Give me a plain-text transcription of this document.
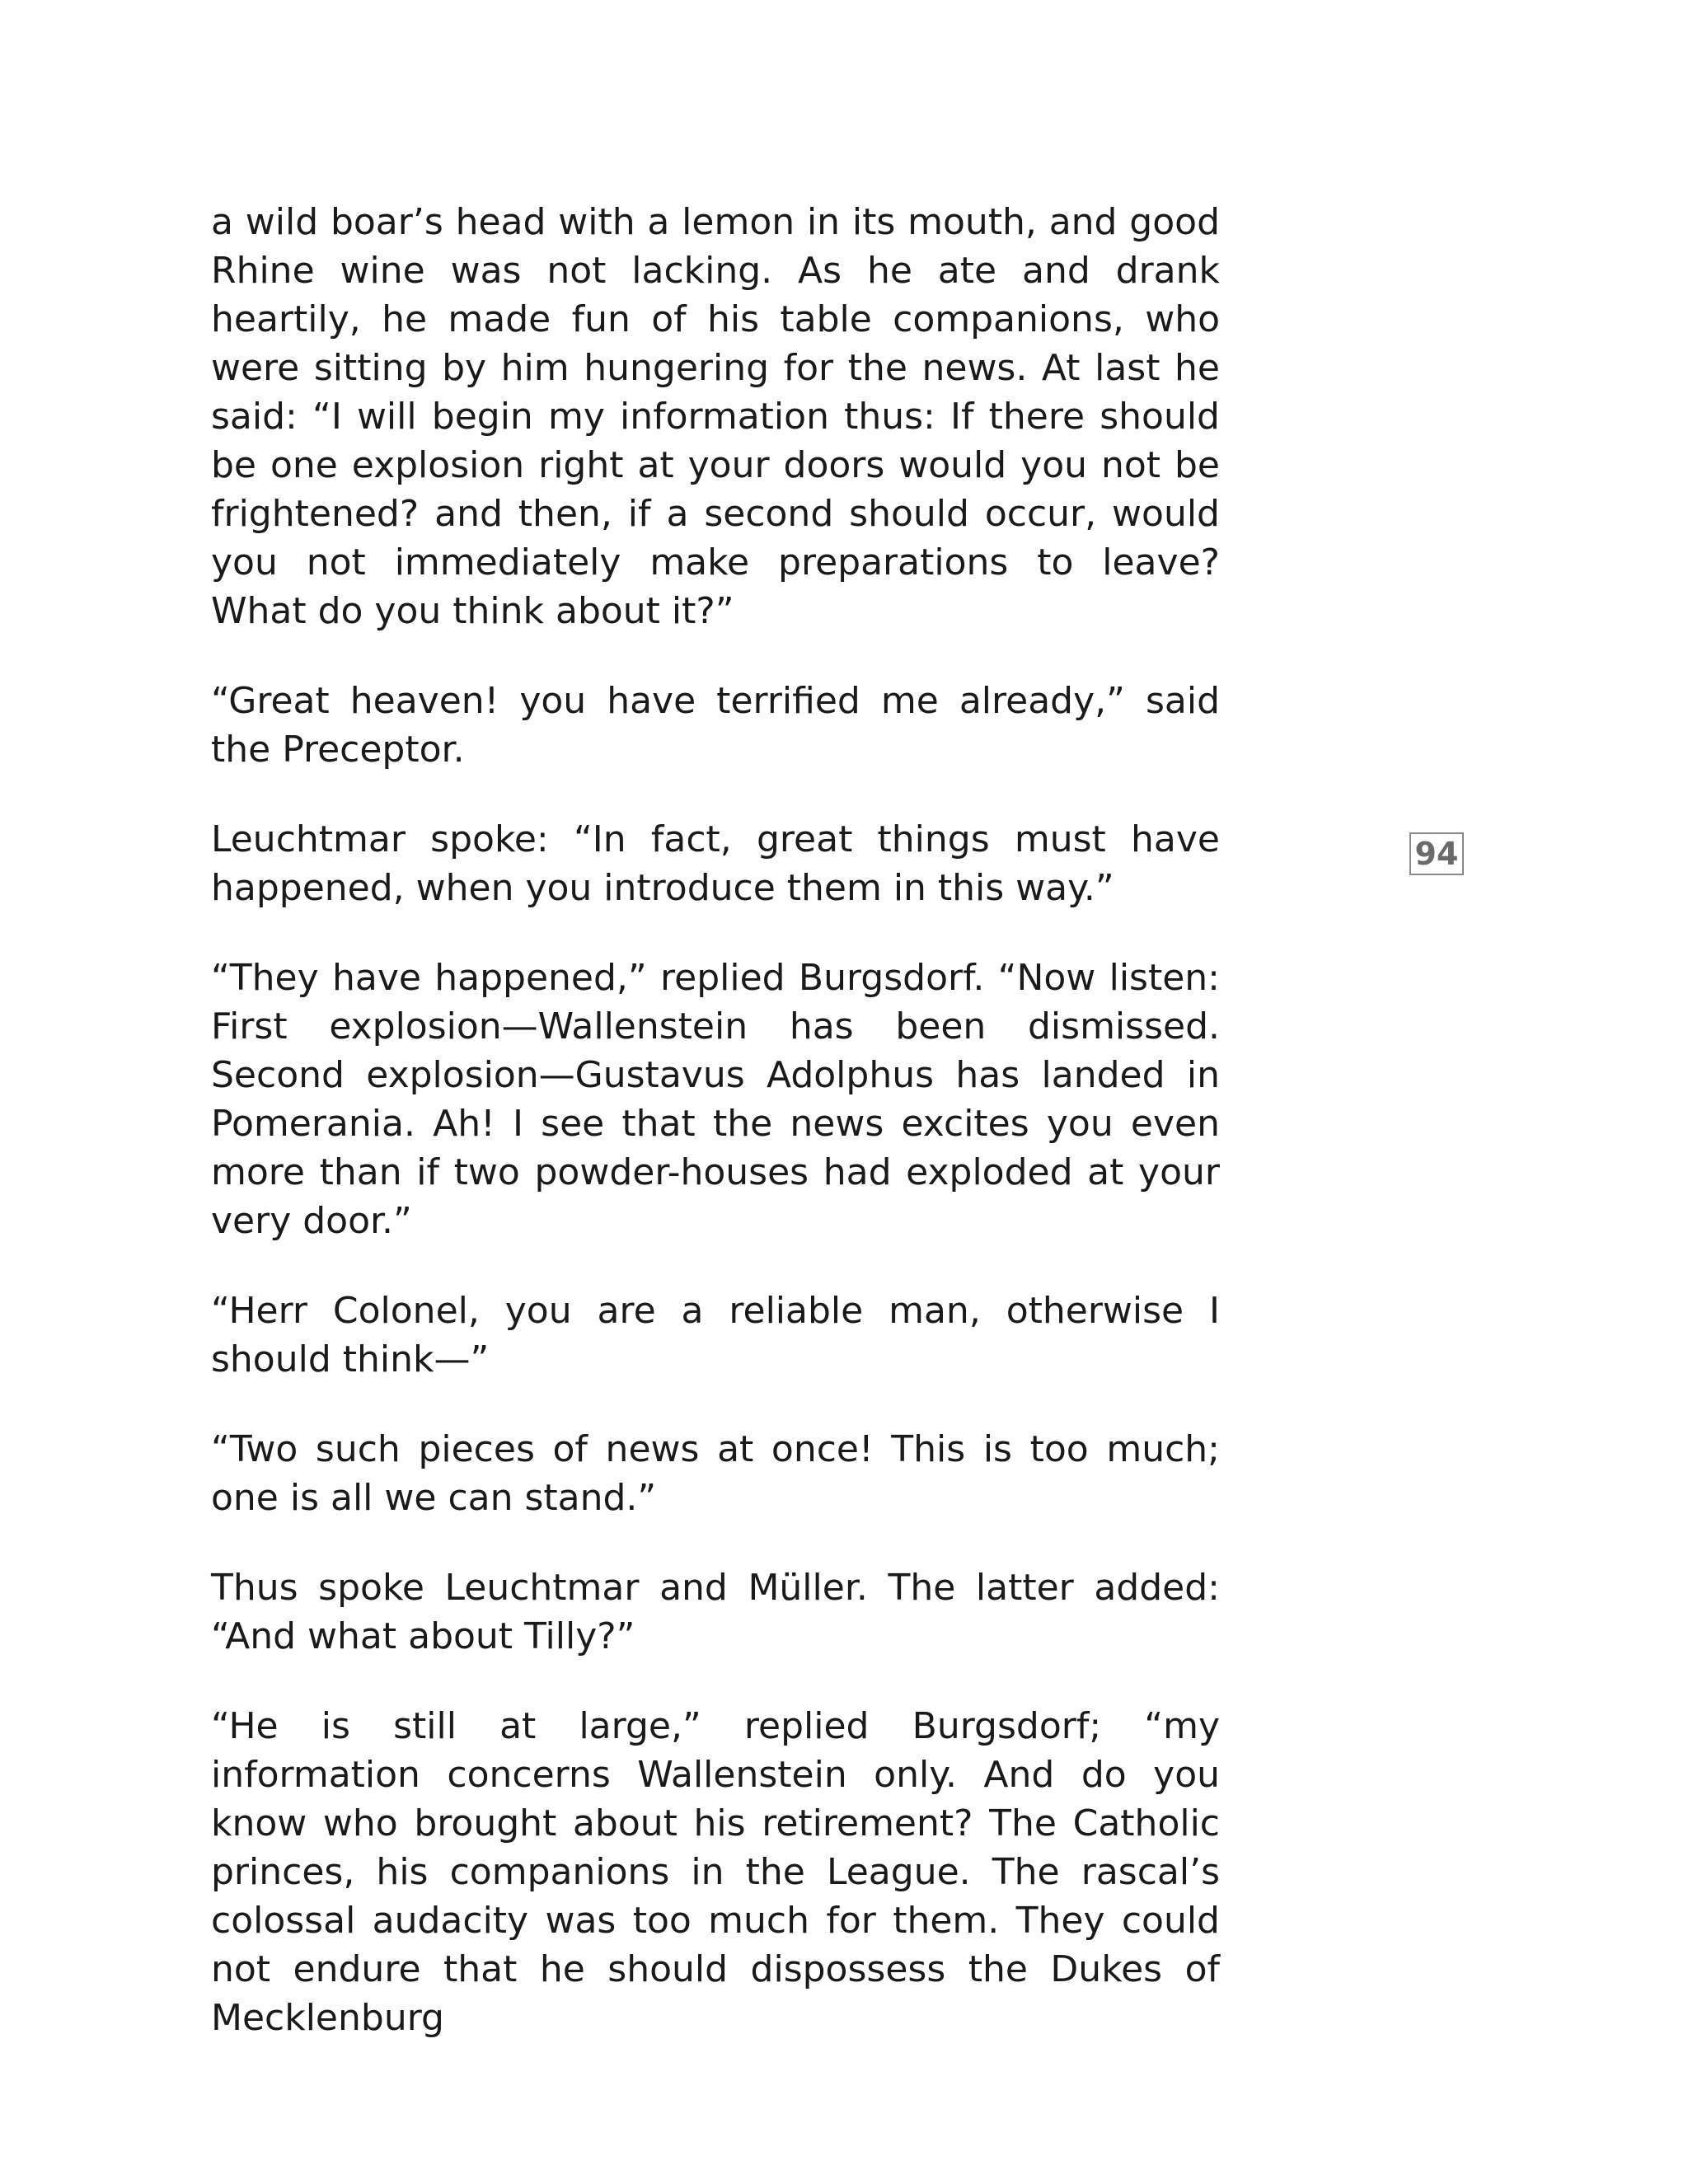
a wild boar’s head with a lemon in its mouth, and good Rhine wine was not lacking. As he ate and drank heartily, he made fun of his table companions, who were sitting by him hungering for the news. At last he said: “I will begin my information thus: If there should be one explosion right at your doors would you not be frightened? and then, if a second should occur, would you not immediately make preparations to leave? What do you think about it?”

“Great heaven! you have terrified me already,” said the Preceptor.

Leuchtmar spoke: “In fact, great things must have happened, when you introduce them in this way.”

“They have happened,” replied Burgsdorf. “Now listen: First explosion—Wallenstein has been dismissed. Second explosion—Gustavus Adolphus has landed in Pomerania. Ah! I see that the news excites you even more than if two powder-houses had exploded at your very door.”

“Herr Colonel, you are a reliable man, otherwise I should think—”

“Two such pieces of news at once! This is too much; one is all we can stand.”

Thus spoke Leuchtmar and Müller. The latter added: “And what about Tilly?”

“He is still at large,” replied Burgsdorf; “my information concerns Wallenstein only. And do you know who brought about his retirement? The Catholic princes, his companions in the League. The rascal’s colossal audacity was too much for them. They could not endure that he should dispossess the Dukes of Mecklenburg

94
